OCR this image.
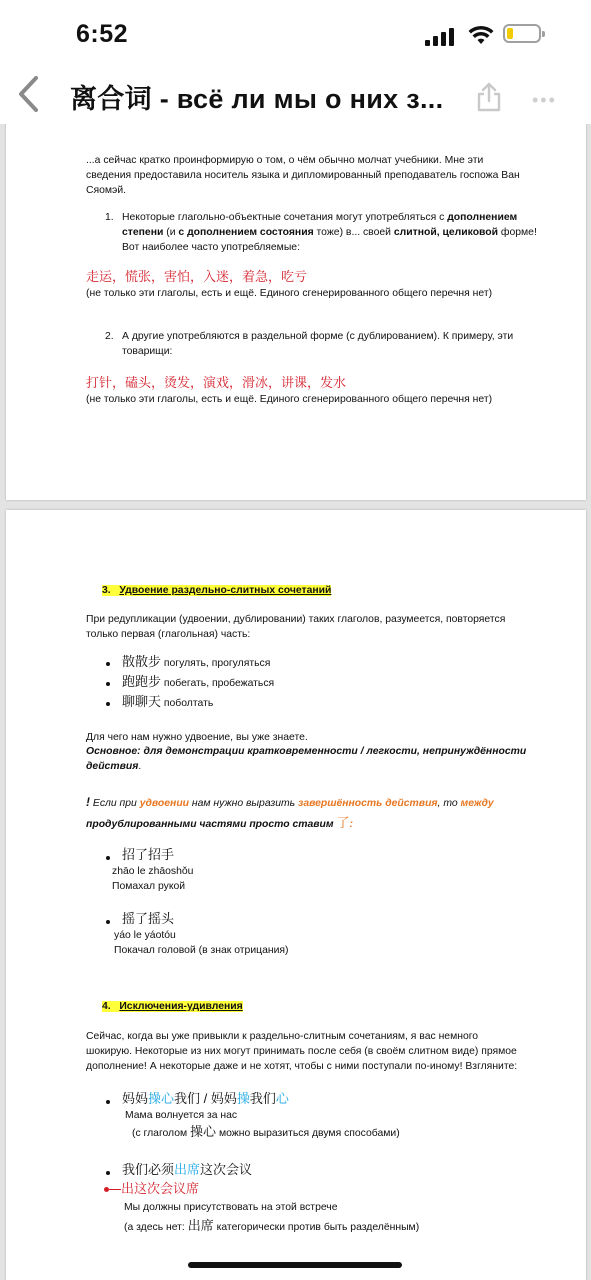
6:52
离合词 - всё ли мы о них з...	•••
...а сейчас кратко проинформирую о том, о чём обычно молчат учебники. Мне эти
сведения предоставила носитель языка и дипломированный преподаватель госпожа Ван
Сяомэй.
1. Некоторые глагольно-объектные сочетания могут употребляться с дополнением
степени (и с дополнением состояния тоже) в... своей слитной, целиковой форме!
Вот наиболее часто употребляемые:
走运，慌张，害怕，入迷，着急，吃亏
(не только эти глаголы, есть и ещё. Единого сгенерированного общего перечня нет)
2. А другие употребляются в раздельной форме (с дублированием). К примеру, эти
товарищи:
打针，磕头，烫发，演戏，滑冰，讲课，发水
(не только эти глаголы, есть и ещё. Единого сгенерированного общего перечня нет)
3. Удвоение раздельно-слитных сочетаний
При редупликации (удвоении, дублировании) таких глаголов, разумеется, повторяется
только первая (глагольная) часть:
散散步 погулять, прогуляться
跑跑步 побегать, пробежаться
聊聊天 поболтать
Для чего нам нужно удвоение, вы уже знаете.
Основное: для демонстрации кратковременности / легкости, непринуждённости
действия.
! Если при удвоении нам нужно выразить завершённость действия, то между
продублированными частями просто ставим 了:
招了招手
zhāo le zhāoshǒu
Помахал рукой
摇了摇头
yáo le yáotóu
Покачал головой (в знак отрицания)
4. Исключения-удивления
Сейчас, когда вы уже привыкли к раздельно-слитным сочетаниям, я вас немного
шокирую. Некоторые из них могут принимать после себя (в своём слитном виде) прямое
дополнение! А некоторые даже и не хотят, чтобы с ними поступали по-иному! Взгляните:
妈妈操心我们 / 妈妈操我们心
Мама волнуется за нас
(с глаголом 操心 можно выразиться двумя способами)
我们必须出席这次会议
出这次会议席
Мы должны присутствовать на этой встрече
(а здесь нет: 出席 категорически против быть разделённым)
